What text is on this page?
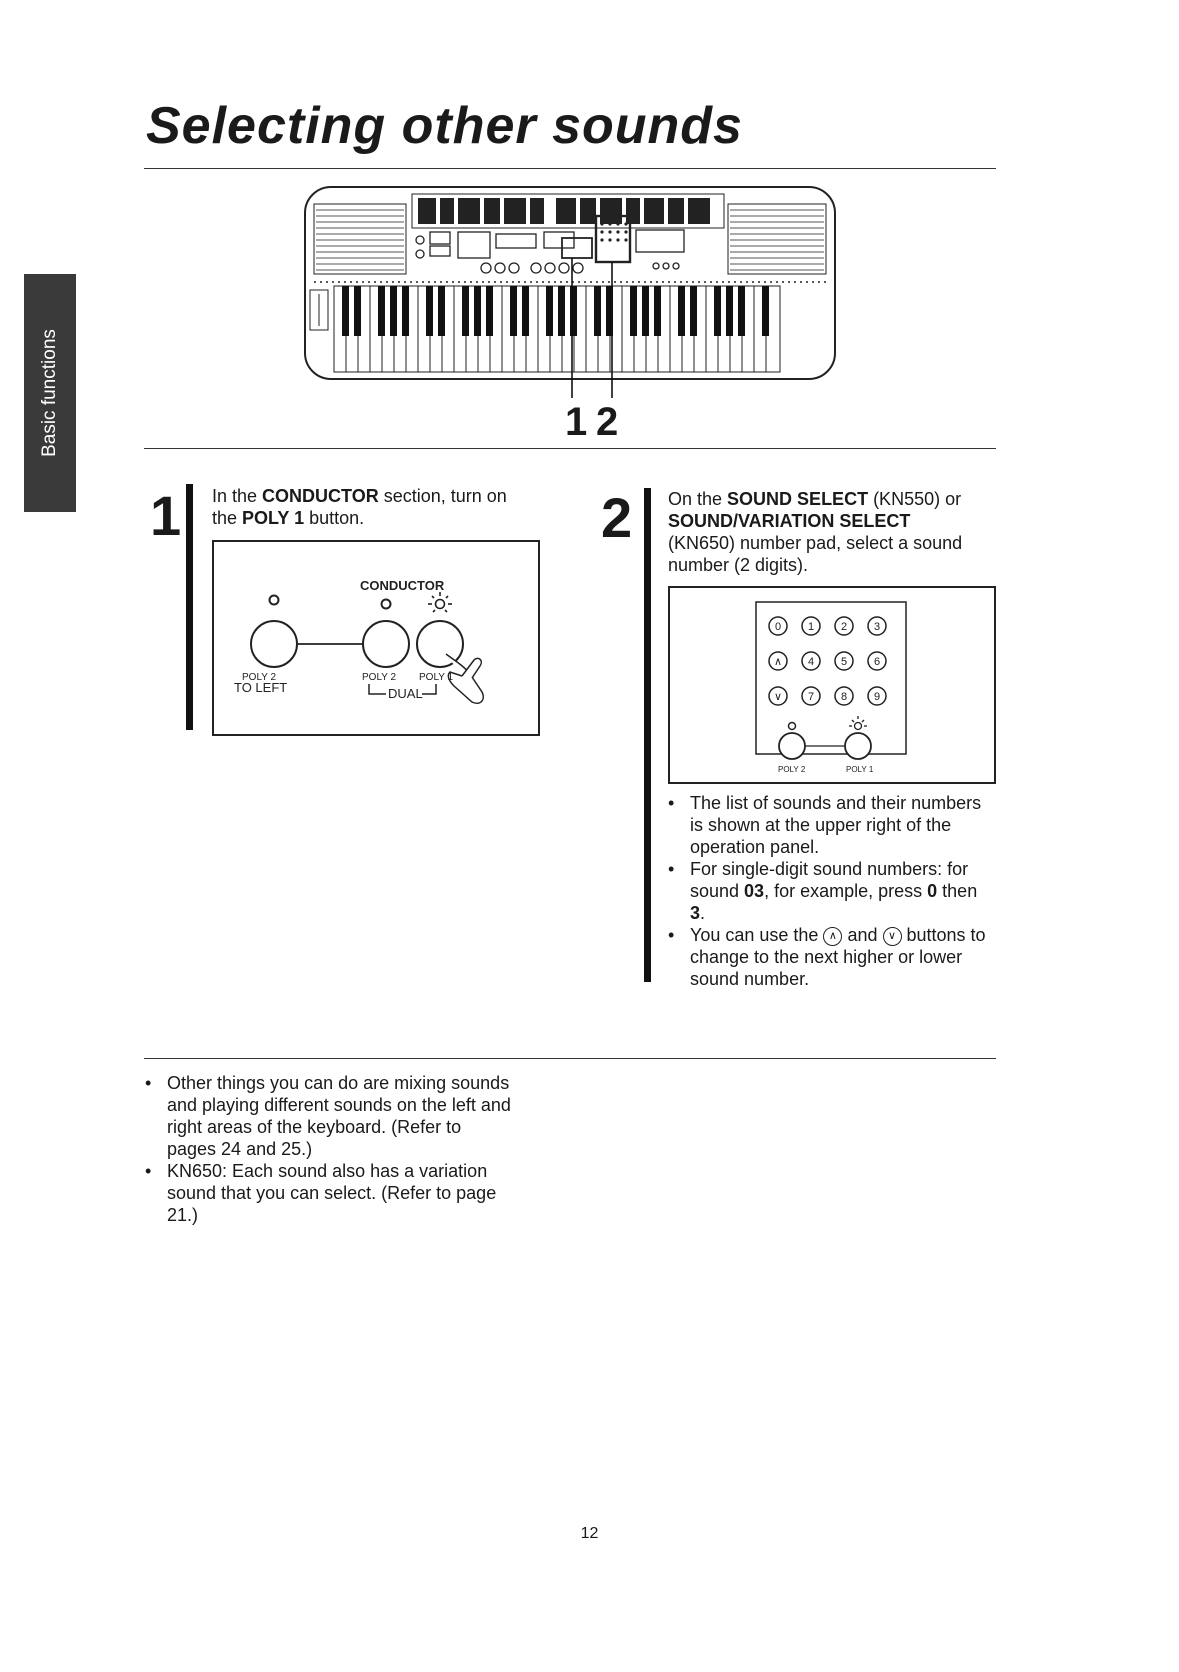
Selecting other sounds
Basic functions	1 2
1 In the CONDUCTOR section, turn on the POLY 1 button.
CONDUCTOR
POLY 2
TO LEFT
POLY 2 POLY 1
DUAL
2 On the SOUND SELECT (KN550) or SOUND/VARIATION SELECT (KN650) number pad, select a sound number (2 digits).
0 1 2 3
∧ 4 5 6
∨ 7 8 9
POLY 2	POLY 1
• The list of sounds and their numbers is shown at the upper right of the operation panel.
• For single-digit sound numbers: for sound 03, for example, press 0 then 3.
• You can use the ∧ and ∨ buttons to change to the next higher or lower sound number.
• Other things you can do are mixing sounds and playing different sounds on the left and right areas of the keyboard. (Refer to pages 24 and 25.)
• KN650: Each sound also has a variation sound that you can select. (Refer to page 21.)
12
